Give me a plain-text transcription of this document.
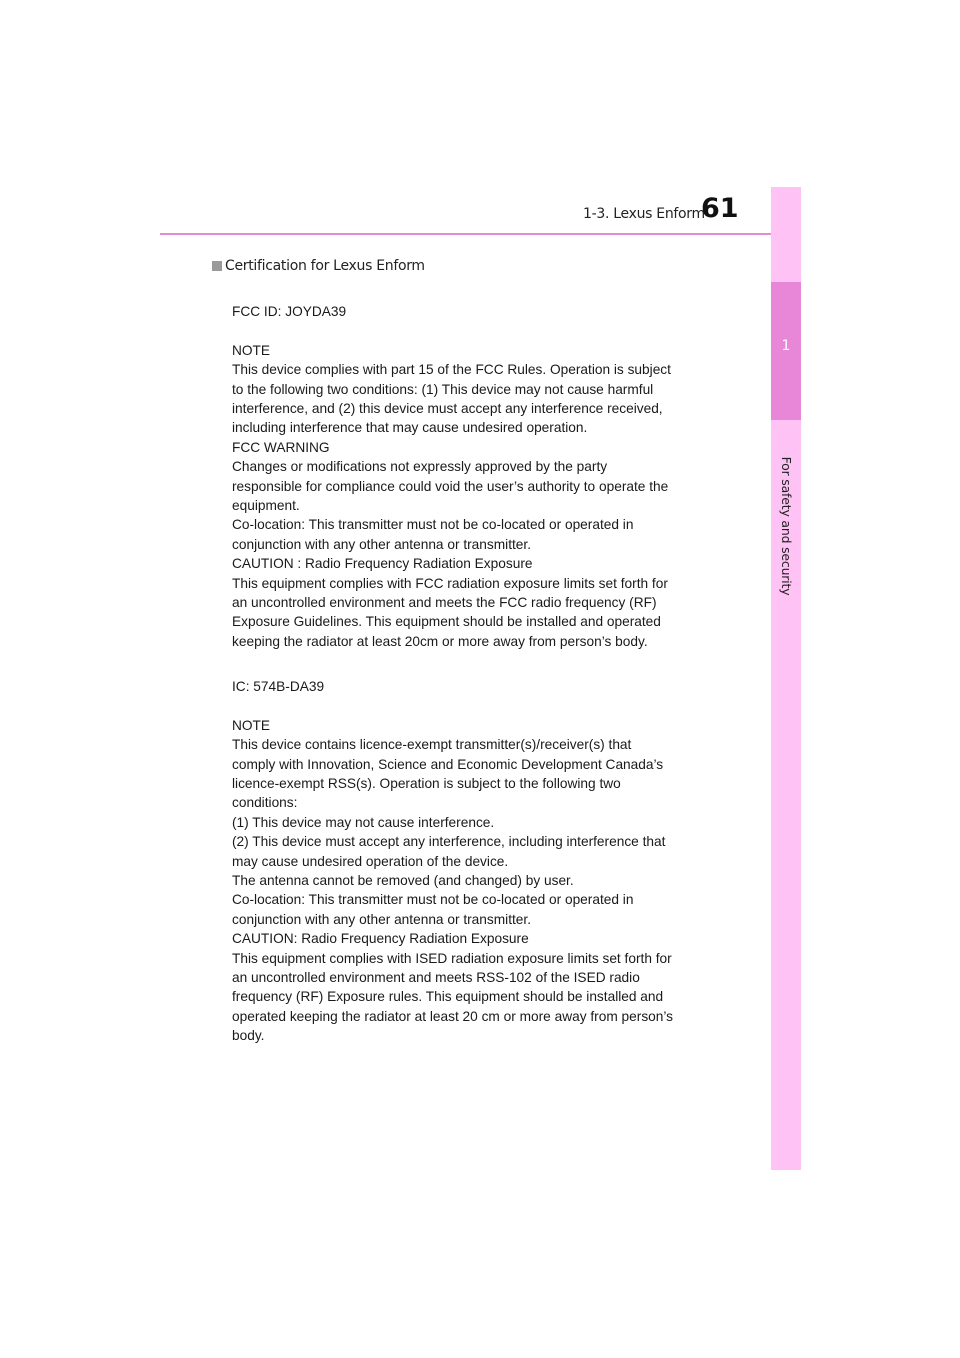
1
For safety and security
1-3. Lexus Enform
61
Certification for Lexus Enform

FCC ID: JOYDA39

NOTE

This device complies with part 15 of the FCC Rules. Operation is subject

to the following two conditions: (1) This device may not cause harmful

interference, and (2) this device must accept any interference received,

including interference that may cause undesired operation.

FCC WARNING

Changes or modifications not expressly approved by the party

responsible for compliance could void the user’s authority to operate the

equipment.

Co-location: This transmitter must not be co-located or operated in

conjunction with any other antenna or transmitter.

CAUTION : Radio Frequency Radiation Exposure

This equipment complies with FCC radiation exposure limits set forth for

an uncontrolled environment and meets the FCC radio frequency (RF)

Exposure Guidelines. This equipment should be installed and operated

keeping the radiator at least 20cm or more away from person’s body.

IC: 574B-DA39

NOTE

This device contains licence-exempt transmitter(s)/receiver(s) that

comply with Innovation, Science and Economic Development Canada’s

licence-exempt RSS(s). Operation is subject to the following two

conditions:

(1) This device may not cause interference.

(2) This device must accept any interference, including interference that

may cause undesired operation of the device.

The antenna cannot be removed (and changed) by user.

Co-location: This transmitter must not be co-located or operated in

conjunction with any other antenna or transmitter.

CAUTION: Radio Frequency Radiation Exposure

This equipment complies with ISED radiation exposure limits set forth for

an uncontrolled environment and meets RSS-102 of the ISED radio

frequency (RF) Exposure rules. This equipment should be installed and

operated keeping the radiator at least 20 cm or more away from person’s

body.
